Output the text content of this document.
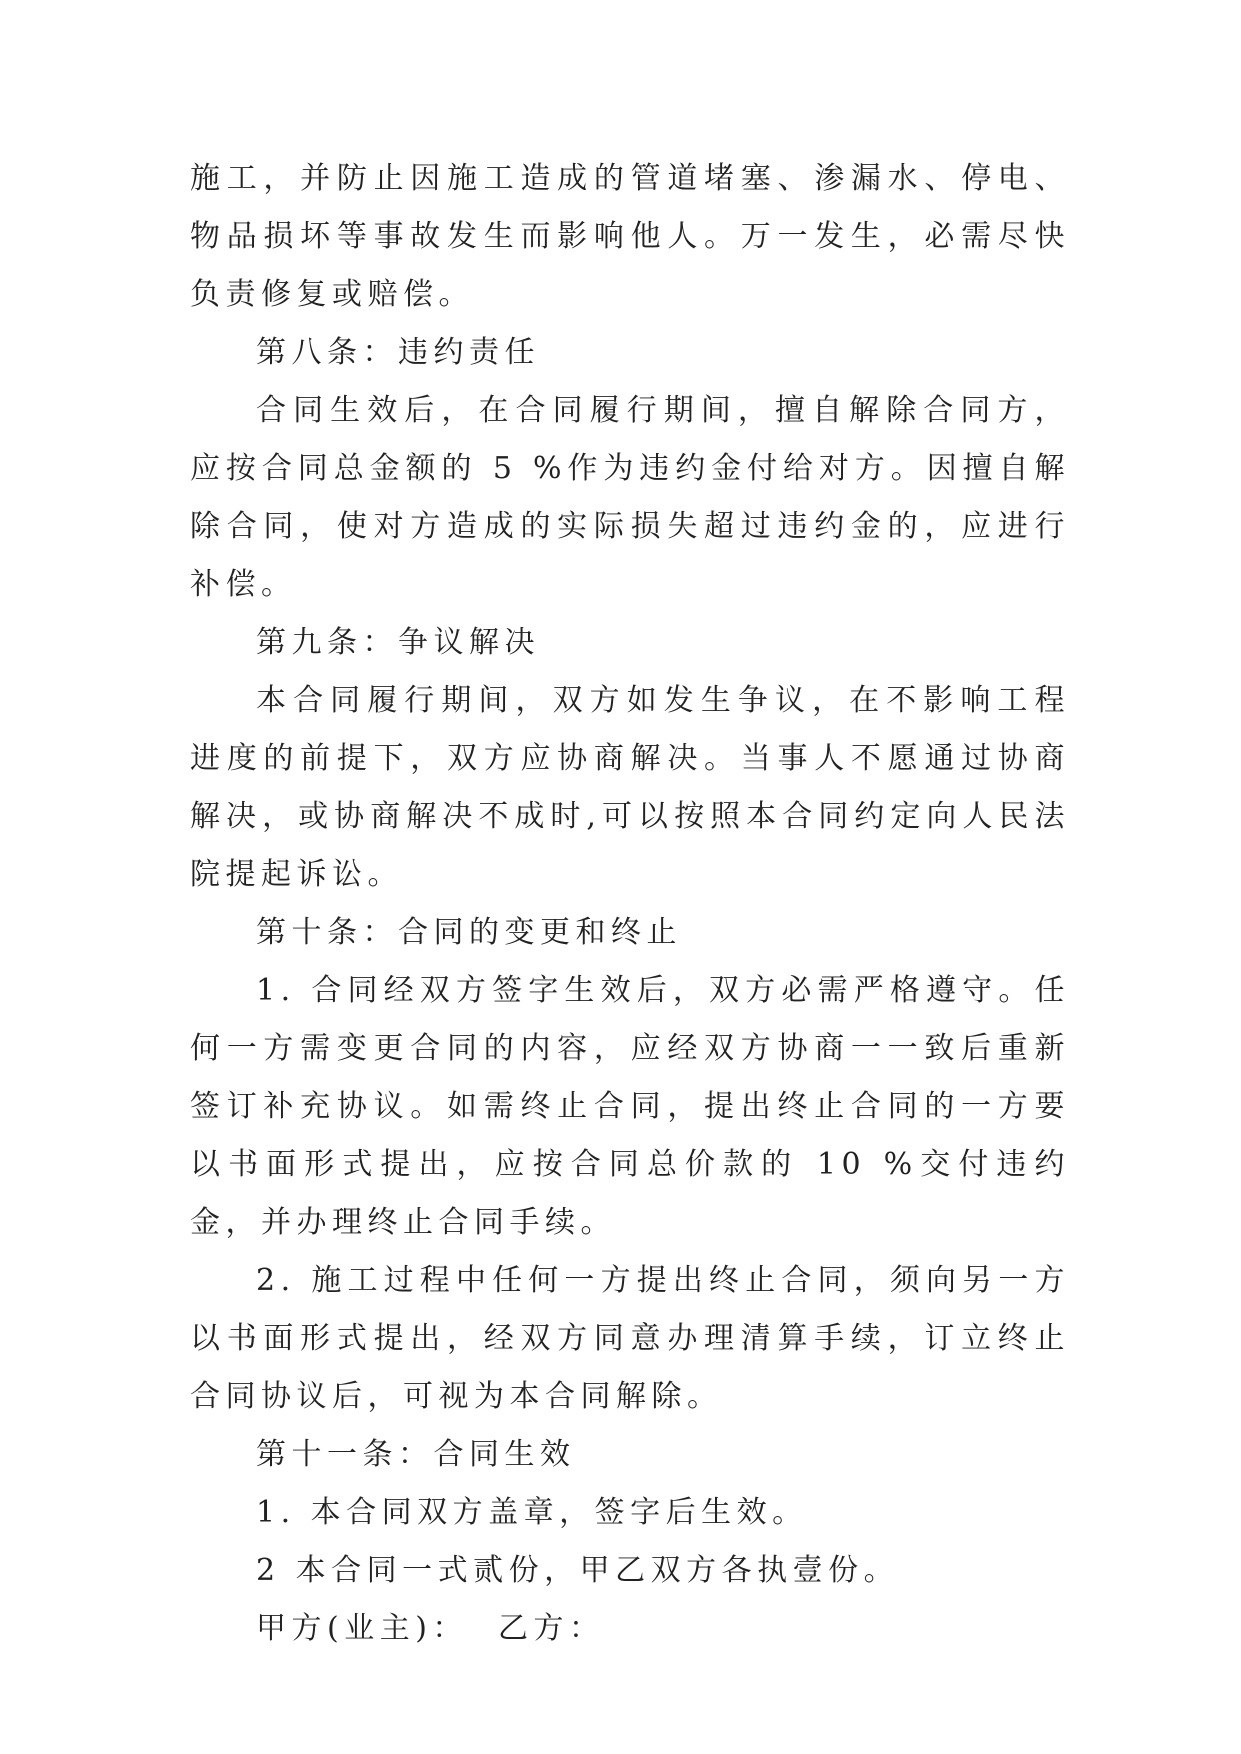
施工，并防止因施工造成的管道堵塞、渗漏水、停电、物品损坏等事故发生而影响他人。万一发生，必需尽快负责修复或赔偿。

第八条：违约责任

合同生效后，在合同履行期间，擅自解除合同方，应按合同总金额的 5 %作为违约金付给对方。因擅自解除合同，使对方造成的实际损失超过违约金的，应进行补偿。

第九条：争议解决

本合同履行期间，双方如发生争议，在不影响工程进度的前提下，双方应协商解决。当事人不愿通过协商解决，或协商解决不成时,可以按照本合同约定向人民法院提起诉讼。

第十条：合同的变更和终止

1. 合同经双方签字生效后，双方必需严格遵守。任何一方需变更合同的内容，应经双方协商一一致后重新签订补充协议。如需终止合同，提出终止合同的一方要以书面形式提出，应按合同总价款的 10 %交付违约金，并办理终止合同手续。

2. 施工过程中任何一方提出终止合同，须向另一方以书面形式提出，经双方同意办理清算手续，订立终止合同协议后，可视为本合同解除。

第十一条：合同生效

1. 本合同双方盖章，签字后生效。

2 本合同一式贰份，甲乙双方各执壹份。

甲方(业主)：  乙方：
